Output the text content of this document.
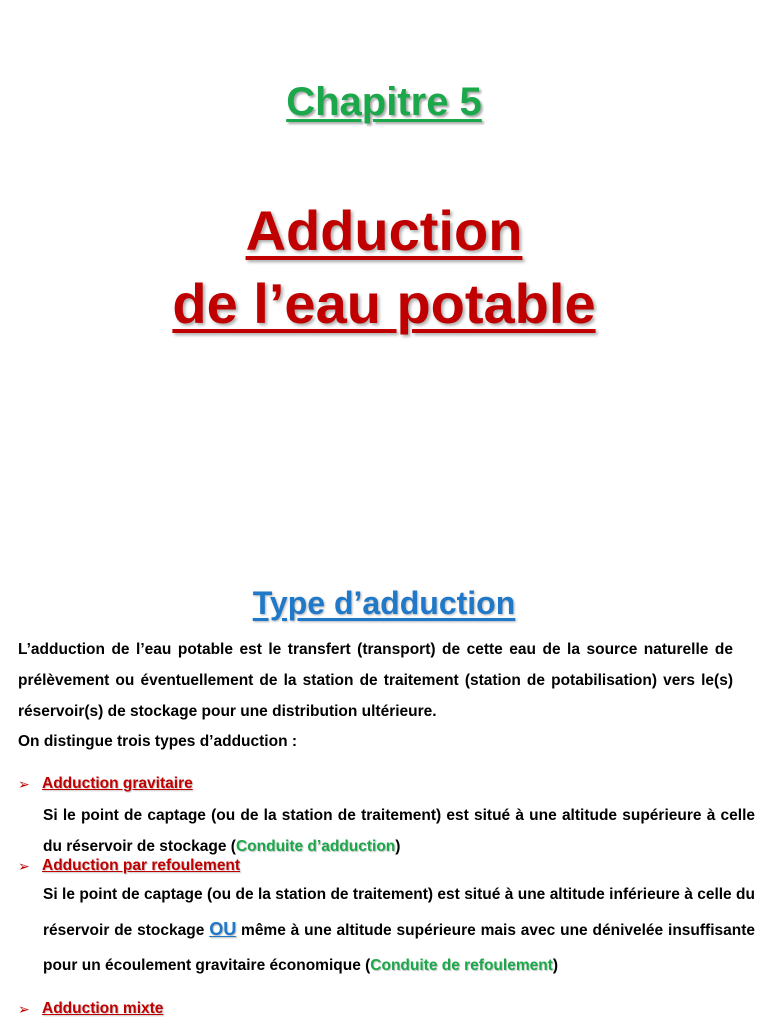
Chapitre 5
Adduction
de l’eau potable
Type d’adduction
L’adduction de l’eau potable est le transfert (transport) de cette eau de la source naturelle de prélèvement ou éventuellement de la station de traitement (station de potabilisation) vers le(s) réservoir(s) de stockage pour une distribution ultérieure.
On distingue trois types d’adduction :
➢ Adduction gravitaire
Si le point de captage (ou de la station de traitement) est situé à une altitude supérieure à celle du réservoir de stockage (Conduite d’adduction)
➢ Adduction par refoulement
Si le point de captage (ou de la station de traitement) est situé à une altitude inférieure à celle du réservoir de stockage OU même à une altitude supérieure mais avec une dénivelée insuffisante pour un écoulement gravitaire économique (Conduite de refoulement)
➢ Adduction mixte
